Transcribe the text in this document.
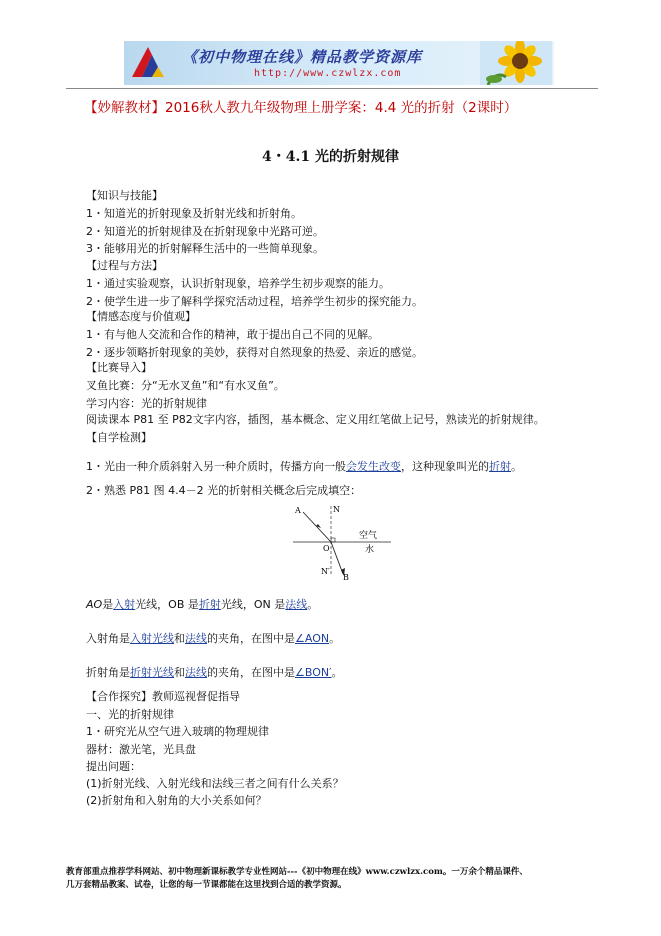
《初中物理在线》精品教学资源库
http://www.czwlzx.com
【妙解教材】2016秋人教九年级物理上册学案：4.4 光的折射（2课时）
4・4.1 光的折射规律
【知识与技能】
1・知道光的折射现象及折射光线和折射角。
2・知道光的折射规律及在折射现象中光路可逆。
3・能够用光的折射解释生活中的一些简单现象。
【过程与方法】
1・通过实验观察，认识折射现象，培养学生初步观察的能力。
2・使学生进一步了解科学探究活动过程，培养学生初步的探究能力。
【情感态度与价值观】
1・有与他人交流和合作的精神，敢于提出自己不同的见解。
2・逐步领略折射现象的美妙，获得对自然现象的热爱、亲近的感觉。
【比赛导入】
叉鱼比赛：分“无水叉鱼”和“有水叉鱼”。
学习内容：光的折射规律
阅读课本 P81 至 P82文字内容，插图，基本概念、定义用红笔做上记号，熟读光的折射规律。
【自学检测】
1・光由一种介质斜射入另一种介质时，传播方向一般会发生改变，这种现象叫光的折射。
2・熟悉 P81 图 4.4－2 光的折射相关概念后完成填空：
A	N
O
B
N′
空气
水
AO是入射光线，OB 是折射光线，ON 是法线。
入射角是入射光线和法线的夹角，在图中是∠AON。
折射角是折射光线和法线的夹角，在图中是∠BON′。
【合作探究】教师巡视督促指导
一、光的折射规律
1・研究光从空气进入玻璃的物理规律
器材：激光笔，光具盘
提出问题：
(1)折射光线、入射光线和法线三者之间有什么关系？
(2)折射角和入射角的大小关系如何？
教育部重点推荐学科网站、初中物理新课标教学专业性网站---《初中物理在线》www.czwlzx.com。一万余个精品课件、
几万套精品教案、试卷，让您的每一节课都能在这里找到合适的教学资源。
